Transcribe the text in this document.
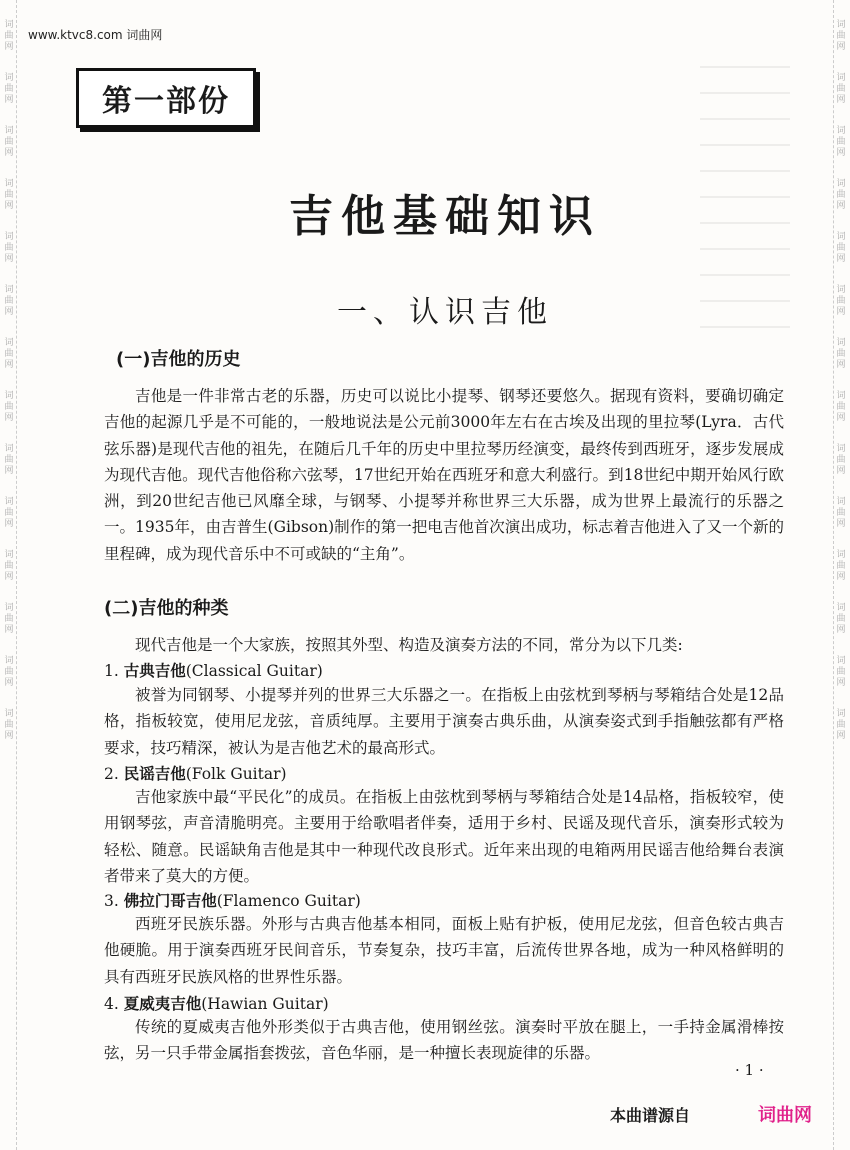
词
曲
网
词
曲
网
词
曲
网
词
曲
网
词
曲
网
词
曲
网
词
曲
网
词
曲
网
词
曲
网
词
曲
网
词
曲
网
词
曲
网
词
曲
网
词
曲
网
词
曲
网
词
曲
网
词
曲
网
词
曲
网
词
曲
网
词
曲
网
词
曲
网
词
曲
网
词
曲
网
词
曲
网
词
曲
网
词
曲
网
词
曲
网
词
曲
网
www.ktvc8.com 词曲网
第一部份
吉他基础知识
一、认识吉他
(一)吉他的历史
吉他是一件非常古老的乐器，历史可以说比小提琴、钢琴还要悠久。据现有资料，要确切确定吉他的起源几乎是不可能的，一般地说法是公元前3000年左右在古埃及出现的里拉琴(Lyra．古代弦乐器)是现代吉他的祖先，在随后几千年的历史中里拉琴历经演变，最终传到西班牙，逐步发展成为现代吉他。现代吉他俗称六弦琴，17世纪开始在西班牙和意大利盛行。到18世纪中期开始风行欧洲，到20世纪吉他已风靡全球，与钢琴、小提琴并称世界三大乐器，成为世界上最流行的乐器之一。1935年，由吉普生(Gibson)制作的第一把电吉他首次演出成功，标志着吉他进入了又一个新的里程碑，成为现代音乐中不可或缺的“主角”。
(二)吉他的种类
现代吉他是一个大家族，按照其外型、构造及演奏方法的不同，常分为以下几类:
1. 古典吉他(Classical Guitar)
被誉为同钢琴、小提琴并列的世界三大乐器之一。在指板上由弦枕到琴柄与琴箱结合处是12品格，指板较宽，使用尼龙弦，音质纯厚。主要用于演奏古典乐曲，从演奏姿式到手指触弦都有严格要求，技巧精深，被认为是吉他艺术的最高形式。
2. 民谣吉他(Folk Guitar)
吉他家族中最“平民化”的成员。在指板上由弦枕到琴柄与琴箱结合处是14品格，指板较窄，使用钢琴弦，声音清脆明亮。主要用于给歌唱者伴奏，适用于乡村、民谣及现代音乐，演奏形式较为轻松、随意。民谣缺角吉他是其中一种现代改良形式。近年来出现的电箱两用民谣吉他给舞台表演者带来了莫大的方便。
3. 佛拉门哥吉他(Flamenco Guitar)
西班牙民族乐器。外形与古典吉他基本相同，面板上贴有护板，使用尼龙弦，但音色较古典吉他硬脆。用于演奏西班牙民间音乐，节奏复杂，技巧丰富，后流传世界各地，成为一种风格鲜明的具有西班牙民族风格的世界性乐器。
4. 夏威夷吉他(Hawian Guitar)
传统的夏威夷吉他外形类似于古典吉他，使用钢丝弦。演奏时平放在腿上，一手持金属滑棒按弦，另一只手带金属指套拨弦，音色华丽，是一种擅长表现旋律的乐器。
· 1 ·
本曲谱源自	词曲网
